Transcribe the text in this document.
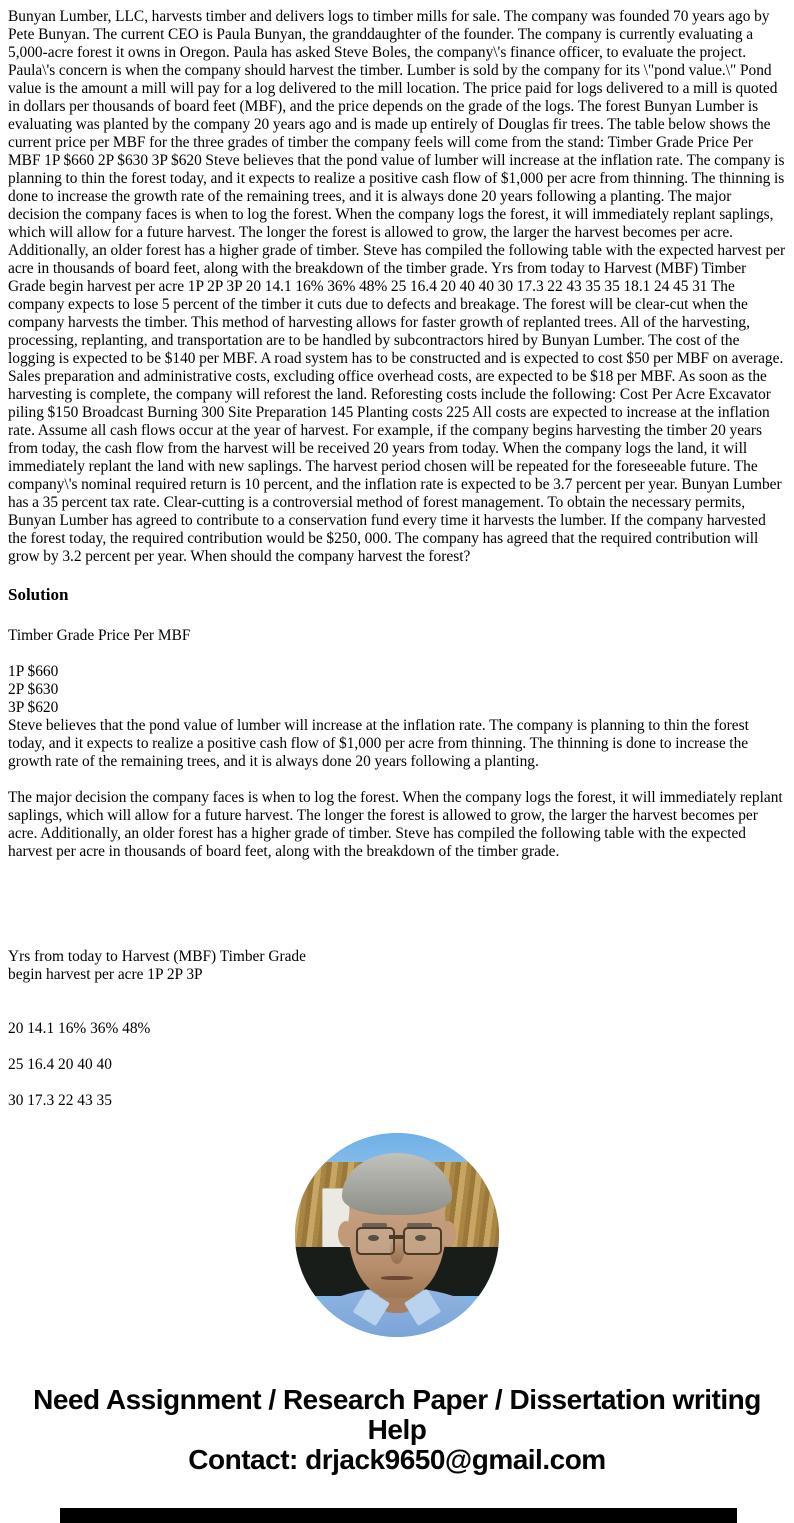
Bunyan Lumber, LLC, harvests timber and delivers logs to timber mills for sale. The company was founded 70 years ago by Pete Bunyan. The current CEO is Paula Bunyan, the granddaughter of the founder. The company is currently evaluating a 5,000-acre forest it owns in Oregon. Paula has asked Steve Boles, the company\'s finance officer, to evaluate the project. Paula\'s concern is when the company should harvest the timber. Lumber is sold by the company for its \"pond value.\" Pond value is the amount a mill will pay for a log delivered to the mill location. The price paid for logs delivered to a mill is quoted in dollars per thousands of board feet (MBF), and the price depends on the grade of the logs. The forest Bunyan Lumber is evaluating was planted by the company 20 years ago and is made up entirely of Douglas fir trees. The table below shows the current price per MBF for the three grades of timber the company feels will come from the stand: Timber Grade Price Per MBF 1P $660 2P $630 3P $620 Steve believes that the pond value of lumber will increase at the inflation rate. The company is planning to thin the forest today, and it expects to realize a positive cash flow of $1,000 per acre from thinning. The thinning is done to increase the growth rate of the remaining trees, and it is always done 20 years following a planting. The major decision the company faces is when to log the forest. When the company logs the forest, it will immediately replant saplings, which will allow for a future harvest. The longer the forest is allowed to grow, the larger the harvest becomes per acre. Additionally, an older forest has a higher grade of timber. Steve has compiled the following table with the expected harvest per acre in thousands of board feet, along with the breakdown of the timber grade. Yrs from today to Harvest (MBF) Timber Grade begin harvest per acre 1P 2P 3P 20 14.1 16% 36% 48% 25 16.4 20 40 40 30 17.3 22 43 35 35 18.1 24 45 31 The company expects to lose 5 percent of the timber it cuts due to defects and breakage. The forest will be clear-cut when the company harvests the timber. This method of harvesting allows for faster growth of replanted trees. All of the harvesting, processing, replanting, and transportation are to be handled by subcontractors hired by Bunyan Lumber. The cost of the logging is expected to be $140 per MBF. A road system has to be constructed and is expected to cost $50 per MBF on average. Sales preparation and administrative costs, excluding office overhead costs, are expected to be $18 per MBF. As soon as the harvesting is complete, the company will reforest the land. Reforesting costs include the following: Cost Per Acre Excavator piling $150 Broadcast Burning 300 Site Preparation 145 Planting costs 225 All costs are expected to increase at the inflation rate. Assume all cash flows occur at the year of harvest. For example, if the company begins harvesting the timber 20 years from today, the cash flow from the harvest will be received 20 years from today. When the company logs the land, it will immediately replant the land with new saplings. The harvest period chosen will be repeated for the foreseeable future. The company\'s nominal required return is 10 percent, and the inflation rate is expected to be 3.7 percent per year. Bunyan Lumber has a 35 percent tax rate. Clear-cutting is a controversial method of forest management. To obtain the necessary permits, Bunyan Lumber has agreed to contribute to a conservation fund every time it harvests the lumber. If the company harvested the forest today, the required contribution would be $250, 000. The company has agreed that the required contribution will grow by 3.2 percent per year. When should the company harvest the forest?

Solution
Timber Grade Price Per MBF
1P $660
2P $630
3P $620

Steve believes that the pond value of lumber will increase at the inflation rate. The company is planning to thin the forest today, and it expects to realize a positive cash flow of $1,000 per acre from thinning. The thinning is done to increase the growth rate of the remaining trees, and it is always done 20 years following a planting.

The major decision the company faces is when to log the forest. When the company logs the forest, it will immediately replant saplings, which will allow for a future harvest. The longer the forest is allowed to grow, the larger the harvest becomes per acre. Additionally, an older forest has a higher grade of timber. Steve has compiled the following table with the expected harvest per acre in thousands of board feet, along with the breakdown of the timber grade.

Yrs from today to Harvest (MBF) Timber Grade
begin harvest per acre 1P 2P 3P
20 14.1 16% 36% 48%
25 16.4 20 40 40
30 17.3 22 43 35
Need Assignment / Research Paper / Dissertation writing Help
Contact: drjack9650@gmail.com
